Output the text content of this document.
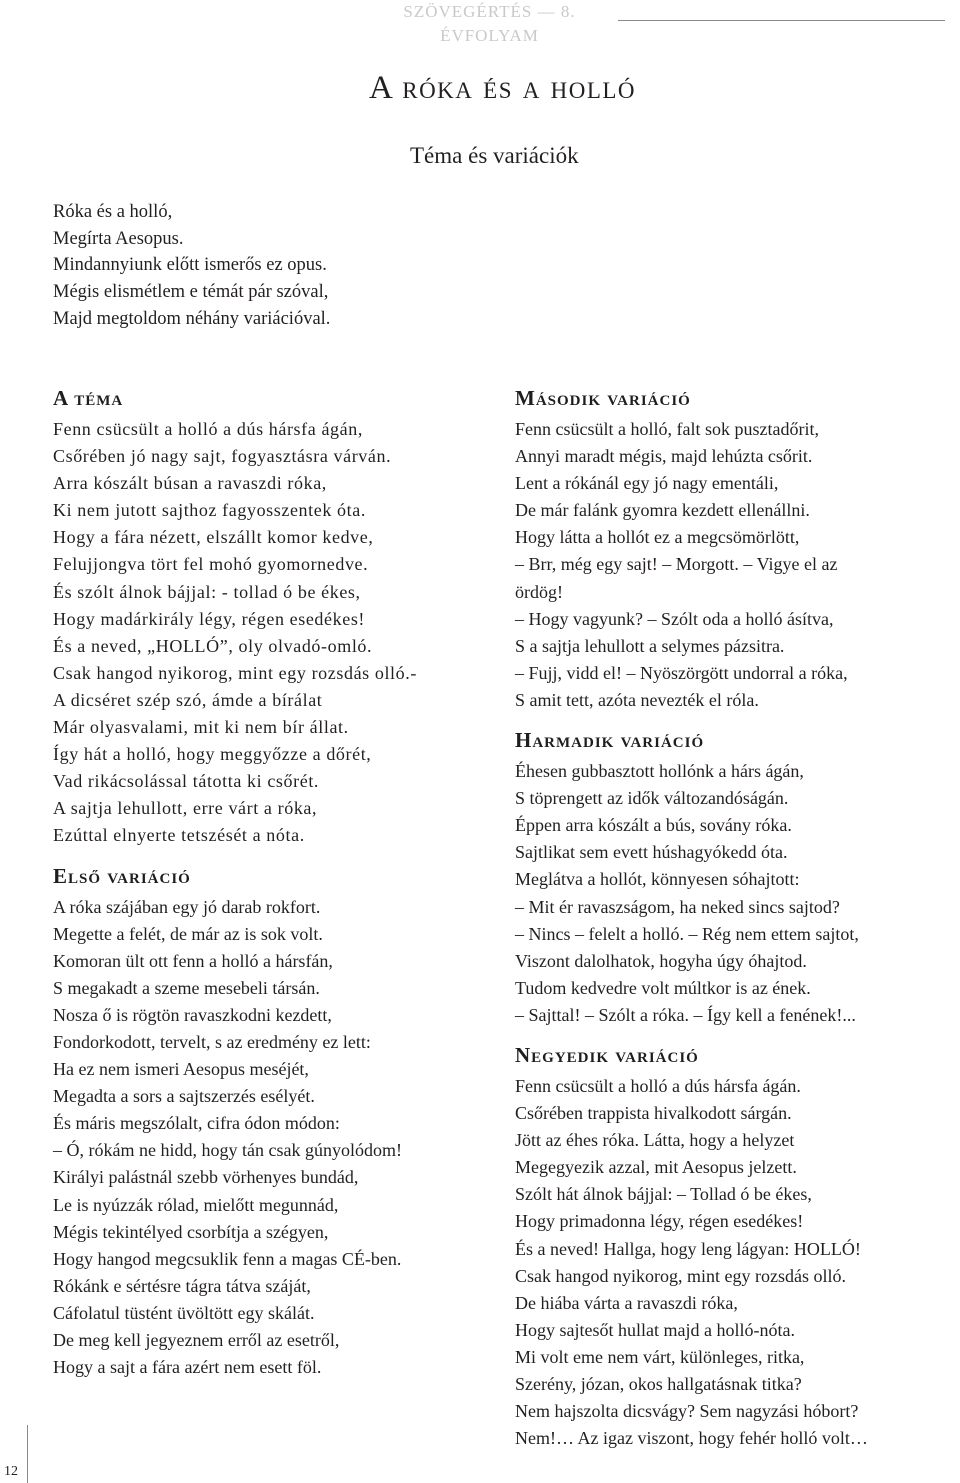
SZÖVEGÉRTÉS — 8. ÉVFOLYAM
A róka és a holló
Téma és variációk
Róka és a holló,
Megírta Aesopus.
Mindannyiunk előtt ismerős ez opus.
Mégis elismétlem e témát pár szóval,
Majd megtoldom néhány variációval.
A téma
Fenn csücsült a holló a dús hársfa ágán,
Csőrében jó nagy sajt, fogyasztásra várván.
Arra kószált búsan a ravaszdi róka,
Ki nem jutott sajthoz fagyosszentek óta.
Hogy a fára nézett, elszállt komor kedve,
Felujjongva tört fel mohó gyomornedve.
És szólt álnok bájjal: - tollad ó be ékes,
Hogy madárkirály légy, régen esedékes!
És a neved, „HOLLÓ”, oly olvadó-omló.
Csak hangod nyikorog, mint egy rozsdás olló.-
A dicséret szép szó, ámde a bírálat
Már olyasvalami, mit ki nem bír állat.
Így hát a holló, hogy meggyőzze a dőrét,
Vad rikácsolással tátotta ki csőrét.
A sajtja lehullott, erre várt a róka,
Ezúttal elnyerte tetszését a nóta.
Első variáció
A róka szájában egy jó darab rokfort.
Megette a felét, de már az is sok volt.
Komoran ült ott fenn a holló a hársfán,
S megakadt a szeme mesebeli társán.
Nosza ő is rögtön ravaszkodni kezdett,
Fondorkodott, tervelt, s az eredmény ez lett:
Ha ez nem ismeri Aesopus meséjét,
Megadta a sors a sajtszerzés esélyét.
És máris megszólalt, cifra ódon módon:
– Ó, rókám ne hidd, hogy tán csak gúnyolódom!
Királyi palástnál szebb vörhenyes bundád,
Le is nyúzzák rólad, mielőtt megunnád,
Mégis tekintélyed csorbítja a szégyen,
Hogy hangod megcsuklik fenn a magas CÉ-ben.
Rókánk e sértésre tágra tátva száját,
Cáfolatul tüstént üvöltött egy skálát.
De meg kell jegyeznem erről az esetről,
Hogy a sajt a fára azért nem esett föl.
Második variáció
Fenn csücsült a holló, falt sok pusztadőrit,
Annyi maradt mégis, majd lehúzta csőrit.
Lent a rókánál egy jó nagy ementáli,
De már falánk gyomra kezdett ellenállni.
Hogy látta a hollót ez a megcsömörlött,
– Brr, még egy sajt! – Morgott. – Vigye el az
ördög!
– Hogy vagyunk? – Szólt oda a holló ásítva,
S a sajtja lehullott a selymes pázsitra.
– Fujj, vidd el! – Nyöszörgött undorral a róka,
S amit tett, azóta nevezték el róla.
Harmadik variáció
Éhesen gubbasztott hollónk a hárs ágán,
S töprengett az idők változandóságán.
Éppen arra kószált a bús, sovány róka.
Sajtlikat sem evett húshagyókedd óta.
Meglátva a hollót, könnyesen sóhajtott:
– Mit ér ravaszságom, ha neked sincs sajtod?
– Nincs – felelt a holló. – Rég nem ettem sajtot,
Viszont dalolhatok, hogyha úgy óhajtod.
Tudom kedvedre volt múltkor is az ének.
– Sajttal! – Szólt a róka. – Így kell a fenének!...
Negyedik variáció
Fenn csücsült a holló a dús hársfa ágán.
Csőrében trappista hivalkodott sárgán.
Jött az éhes róka. Látta, hogy a helyzet
Megegyezik azzal, mit Aesopus jelzett.
Szólt hát álnok bájjal: – Tollad ó be ékes,
Hogy primadonna légy, régen esedékes!
És a neved! Hallga, hogy leng lágyan: HOLLÓ!
Csak hangod nyikorog, mint egy rozsdás olló.
De hiába várta a ravaszdi róka,
Hogy sajtesőt hullat majd a holló-nóta.
Mi volt eme nem várt, különleges, ritka,
Szerény, józan, okos hallgatásnak titka?
Nem hajszolta dicsvágy? Sem nagyzási hóbort?
Nem!… Az igaz viszont, hogy fehér holló volt…
12
